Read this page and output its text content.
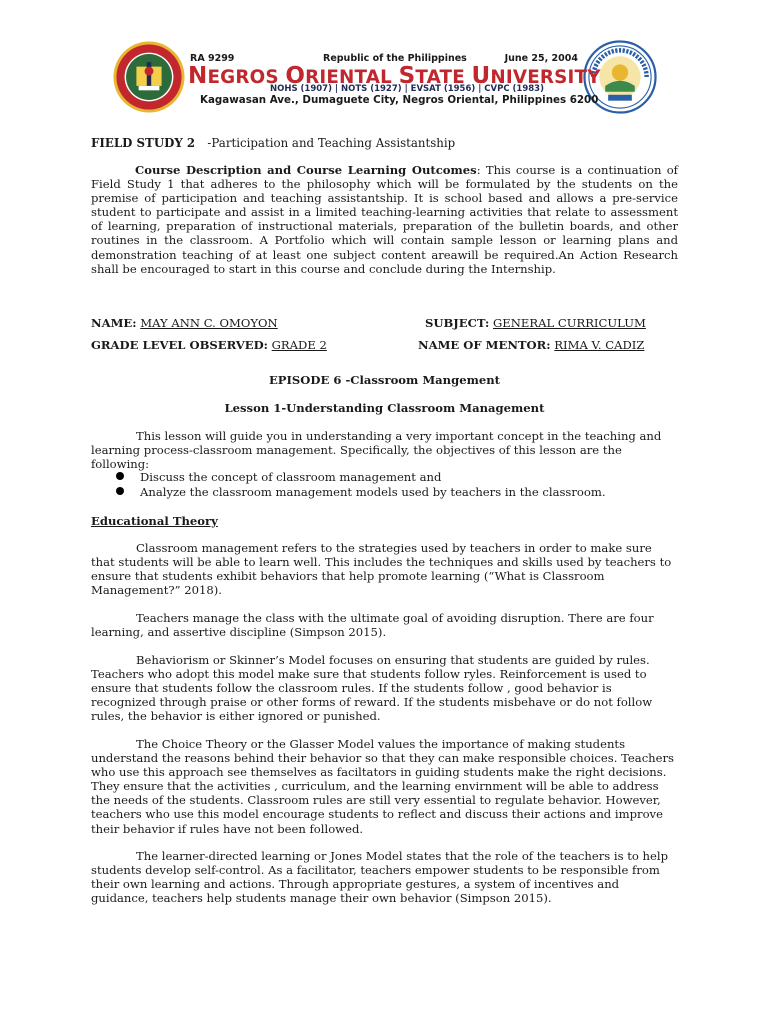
RA 9299	Republic of the Philippines	June 25, 2004
NEGROS ORIENTAL STATE UNIVERSITY
NOHS (1907) | NOTS (1927) | EVSAT (1956) | CVPC (1983)
Kagawasan Ave., Dumaguete City, Negros Oriental, Philippines 6200
FIELD STUDY 2 -Participation and Teaching Assistantship
Course Description and Course Learning Outcomes: This course is a continuation of Field Study 1 that adheres to the philosophy which will be formulated by the students on the premise of participation and teaching assistantship. It is school based and allows a pre-service student to participate and assist in a limited teaching-learning activities that relate to assessment of learning, preparation of instructional materials, preparation of the bulletin boards, and other routines in the classroom. A Portfolio which will contain sample lesson or learning plans and demonstration teaching of at least one subject content areawill be required.An Action Research shall be encouraged to start in this course and conclude during the Internship.
NAME: MAY ANN C. OMOYON	SUBJECT: GENERAL CURRICULUM
GRADE LEVEL OBSERVED: GRADE 2	NAME OF MENTOR: RIMA V. CADIZ
EPISODE 6 -Classroom Mangement
Lesson 1-Understanding Classroom Management
This lesson will guide you in understanding a very important concept in the teaching and learning process-classroom management. Specifically, the objectives of this lesson are the following:
Discuss the concept of classroom management and
Analyze the classroom management models used by teachers in the classroom.
Educational Theory
Classroom management refers to the strategies used by teachers in order to make sure that students will be able to learn well. This includes the techniques and skills used by teachers to ensure that students exhibit behaviors that help promote learning (“What is Classroom Management?” 2018).
Teachers manage the class with the ultimate goal of avoiding disruption. There are four learning, and assertive discipline (Simpson 2015).
Behaviorism or Skinner’s Model focuses on ensuring that students are guided by rules. Teachers who adopt this model make sure that students follow ryles. Reinforcement is used to ensure that students follow the classroom rules. If the students follow , good behavior is recognized through praise or other forms of reward. If the students misbehave or do not follow rules, the behavior is either ignored or punished.
The Choice Theory or the Glasser Model values the importance of making students understand the reasons behind their behavior so that they can make responsible choices. Teachers who use this approach see themselves as faciltators in guiding students make the right decisions. They ensure that the activities , curriculum, and the learning envirnment will be able to address the needs of the students. Classroom rules are still very essential to regulate behavior. However, teachers who use this model encourage students to reflect and discuss their actions and improve their behavior if rules have not been followed.
The learner-directed learning or Jones Model states that the role of the teachers is to help students develop self-control. As a facilitator, teachers empower students to be responsible from their own learning and actions. Through appropriate gestures, a system of incentives and guidance, teachers help students manage their own behavior (Simpson 2015).
